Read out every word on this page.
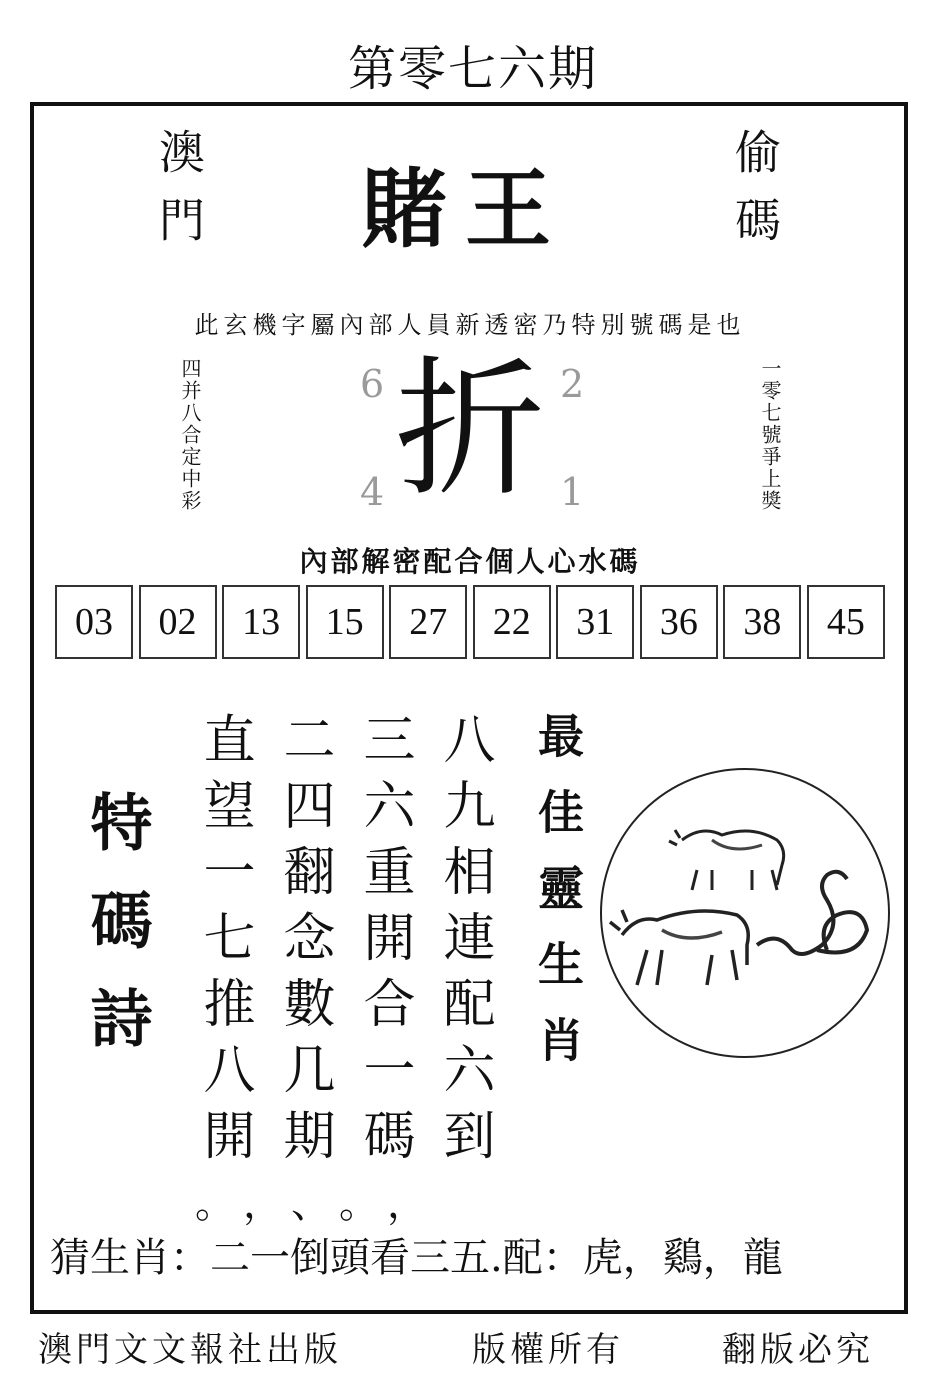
第零七六期
澳門	賭王	偷碼
此玄機字屬內部人員新透密乃特別號碼是也
四并八合定中彩	一零七號爭上獎
6	2
4	1
折
內部解密配合個人心水碼
03	02	13	15	27	22	31	36	38	45
特碼詩 直望一七推八開 二四翻念數几期 三六重開合一碼 八九相連配六到
。，、。，
最佳靈生肖
猜生肖：二一倒頭看三五.配：虎，鷄，龍
澳門文文報社出版	版權所有	翻版必究
